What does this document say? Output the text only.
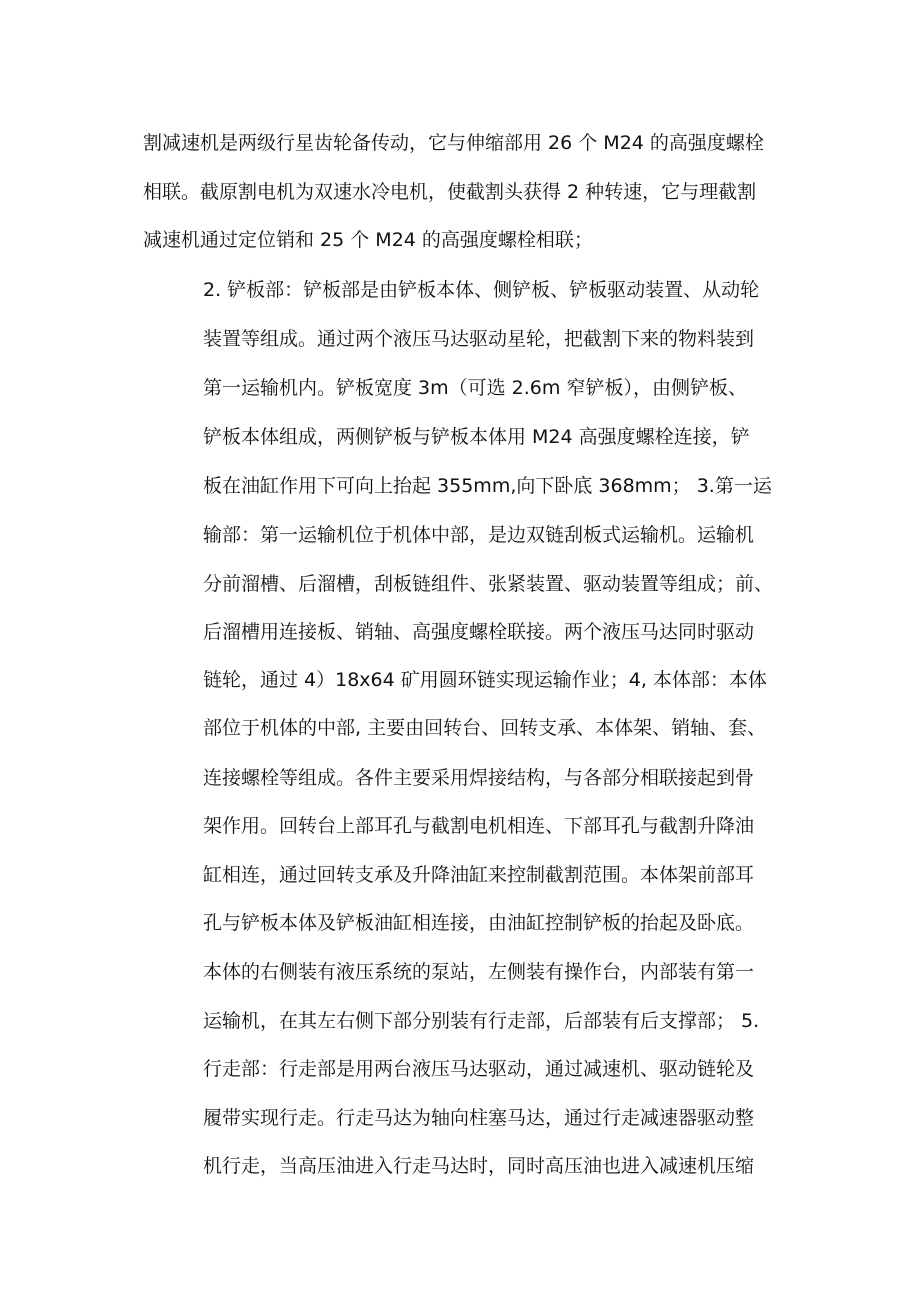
割减速机是两级行星齿轮备传动，它与伸缩部用 26 个 M24 的高强度螺栓
相联。截原割电机为双速水冷电机，使截割头获得 2 种转速，它与理截割
减速机通过定位销和 25 个 M24 的高强度螺栓相联；
2. 铲板部：铲板部是由铲板本体、侧铲板、铲板驱动装置、从动轮
装置等组成。通过两个液压马达驱动星轮，把截割下来的物料装到
第一运输机内。铲板宽度 3m（可选 2.6m 窄铲板），由侧铲板、
铲板本体组成，两侧铲板与铲板本体用 M24 高强度螺栓连接，铲
板在油缸作用下可向上抬起 355mm,向下卧底 368mm； 3.第一运
输部：第一运输机位于机体中部，是边双链刮板式运输机。运输机
分前溜槽、后溜槽，刮板链组件、张紧装置、驱动装置等组成；前、
后溜槽用连接板、销轴、高强度螺栓联接。两个液压马达同时驱动
链轮，通过 4）18x64 矿用圆环链实现运输作业；4, 本体部：本体
部位于机体的中部, 主要由回转台、回转支承、本体架、销轴、套、
连接螺栓等组成。各件主要采用焊接结构，与各部分相联接起到骨
架作用。回转台上部耳孔与截割电机相连、下部耳孔与截割升降油
缸相连，通过回转支承及升降油缸来控制截割范围。本体架前部耳
孔与铲板本体及铲板油缸相连接，由油缸控制铲板的抬起及卧底。
本体的右侧装有液压系统的泵站，左侧装有操作台，内部装有第一
运输机，在其左右侧下部分别装有行走部，后部装有后支撑部； 5.
行走部：行走部是用两台液压马达驱动，通过减速机、驱动链轮及
履带实现行走。行走马达为轴向柱塞马达，通过行走减速器驱动整
机行走，当高压油进入行走马达时，同时高压油也进入减速机压缩
